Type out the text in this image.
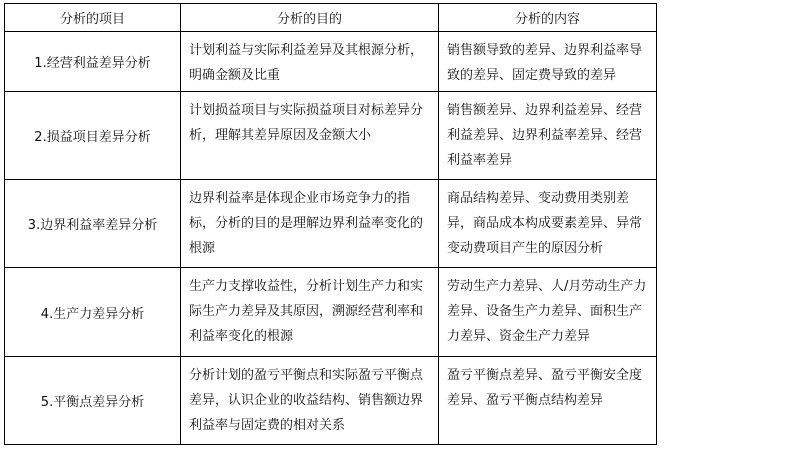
分析的项目	分析的目的	分析的内容
1.经营利益差异分析	计划利益与实际利益差异及其根源分析，明确金额及比重	销售额导致的差异、边界利益率导致的差异、固定费导致的差异
2.损益项目差异分析	计划损益项目与实际损益项目对标差异分析，理解其差异原因及金额大小	销售额差异、边界利益差异、经营利益差异、边界利益率差异、经营利益率差异
3.边界利益率差异分析	边界利益率是体现企业市场竞争力的指标，分析的目的是理解边界利益率变化的根源	商品结构差异、变动费用类别差异，商品成本构成要素差异、异常变动费项目产生的原因分析
4.生产力差异分析	生产力支撑收益性，分析计划生产力和实际生产力差异及其原因，溯源经营利率和利益率变化的根源	劳动生产力差异、人/月劳动生产力差异、设备生产力差异、面积生产力差异、资金生产力差异
5.平衡点差异分析	分析计划的盈亏平衡点和实际盈亏平衡点差异，认识企业的收益结构、销售额边界利益率与固定费的相对关系	盈亏平衡点差异、盈亏平衡安全度差异、盈亏平衡点结构差异
